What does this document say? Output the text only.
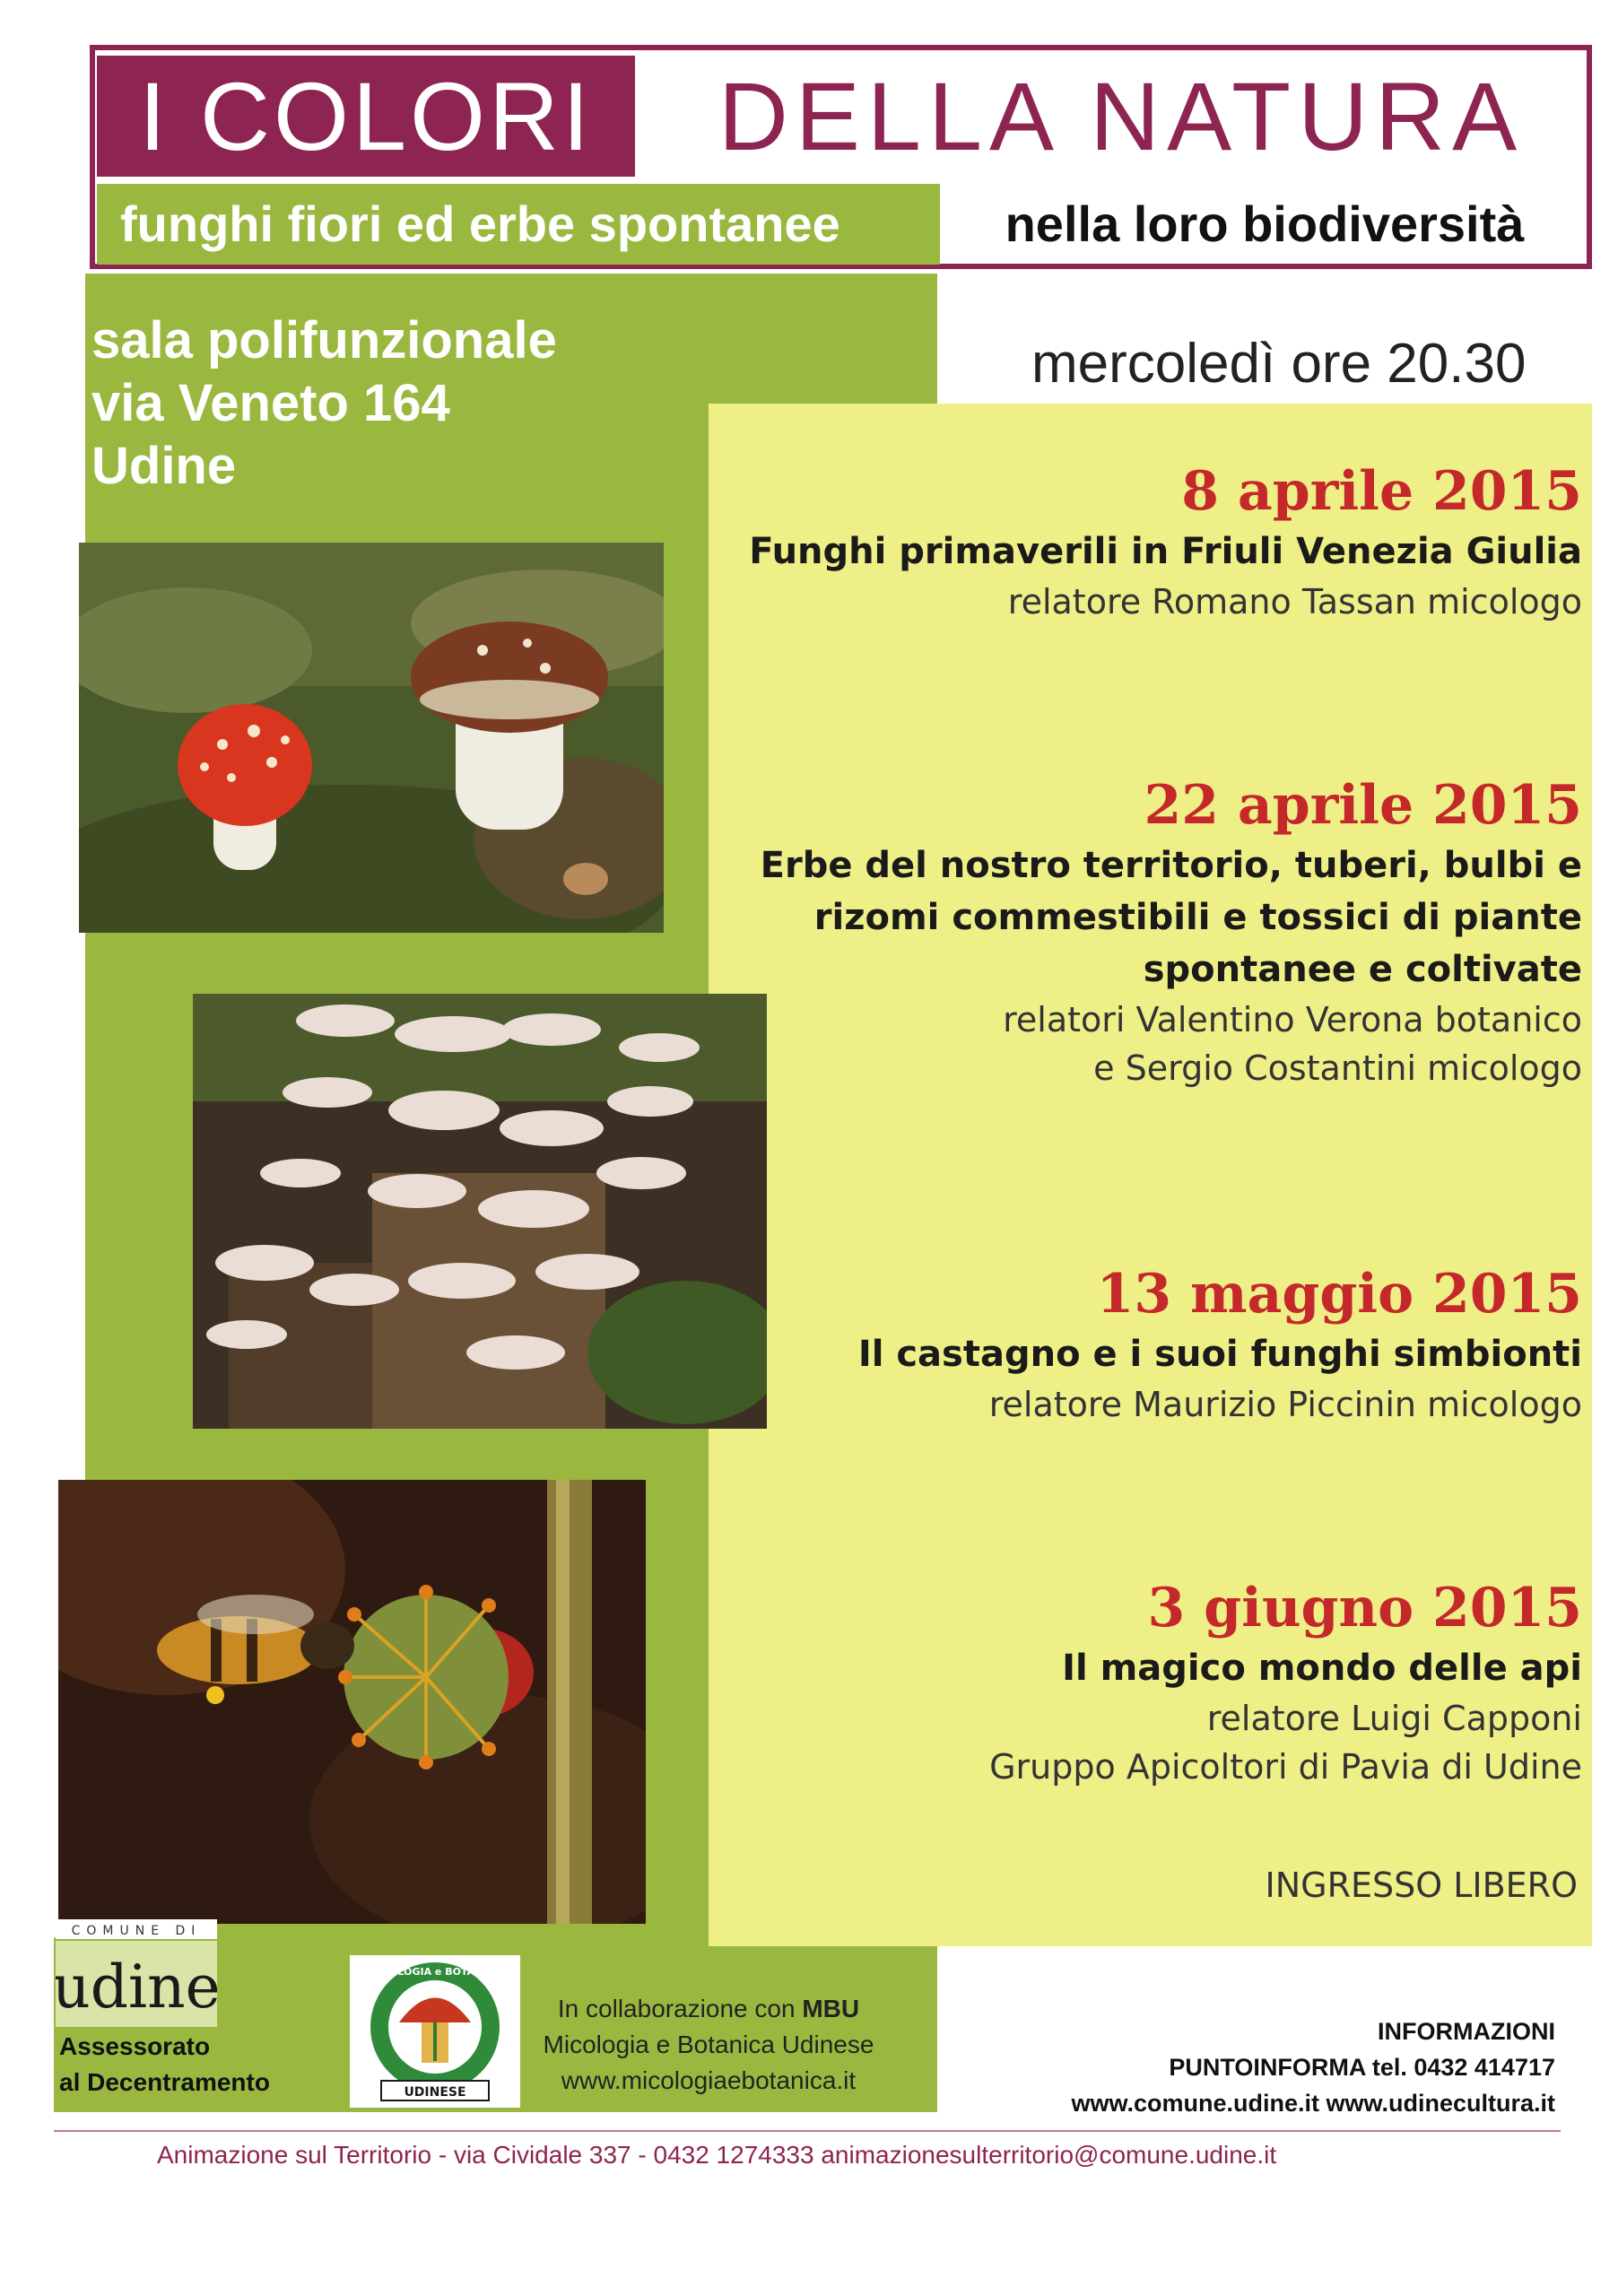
I COLORI	DELLA NATURA
funghi fiori ed erbe spontanee	nella loro biodiversità
sala polifunzionale
via Veneto 164
Udine
mercoledì ore 20.30
8 aprile 2015
Funghi primaverili in Friuli Venezia Giulia
relatore Romano Tassan micologo
22 aprile 2015
Erbe del nostro territorio, tuberi, bulbi e
rizomi commestibili e tossici di piante
spontanee e coltivate
relatori Valentino Verona botanico
e Sergio Costantini micologo
13 maggio 2015
Il castagno e i suoi funghi simbionti
relatore Maurizio Piccinin micologo
3 giugno 2015
Il magico mondo delle api
relatore Luigi Capponi
Gruppo Apicoltori di Pavia di Udine
INGRESSO LIBERO
COMUNE DI
udine
Assessorato
al Decentramento
MICOLOGIA e BOTANICA
UDINESE
In collaborazione con MBU
Micologia e Botanica Udinese
www.micologiaebotanica.it
INFORMAZIONI
PUNTOINFORMA tel. 0432 414717
www.comune.udine.it www.udinecultura.it
Animazione sul Territorio - via Cividale 337 - 0432 1274333 animazionesulterritorio@comune.udine.it
